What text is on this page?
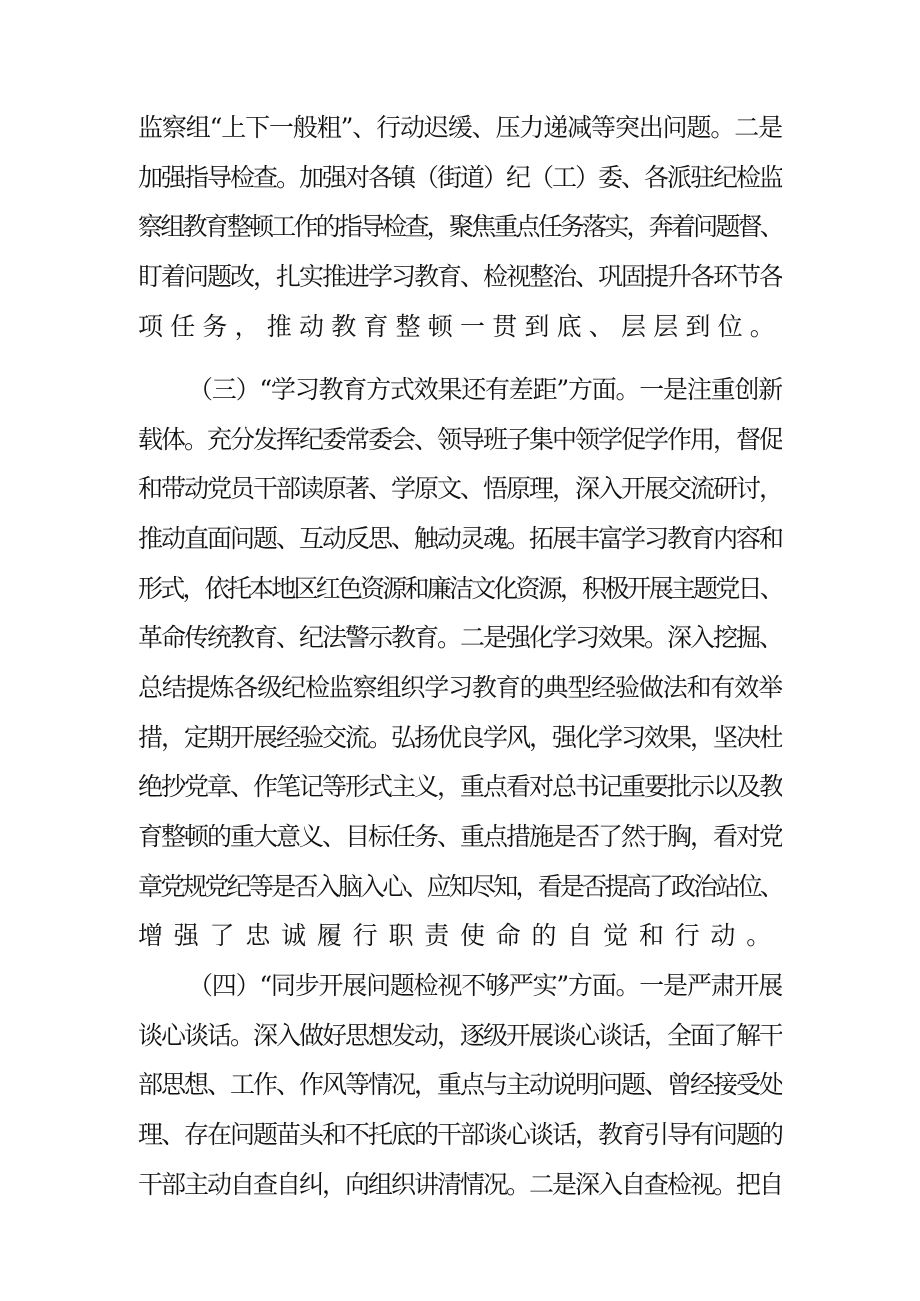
监察组“上下一般粗”、行动迟缓、压力递减等突出问题。二是

加强指导检查。加强对各镇（街道）纪（工）委、各派驻纪检监

察组教育整顿工作的指导检查，聚焦重点任务落实，奔着问题督、

盯着问题改，扎实推进学习教育、检视整治、巩固提升各环节各

项任务，推动教育整顿一贯到底、层层到位。

（三）“学习教育方式效果还有差距”方面。一是注重创新

载体。充分发挥纪委常委会、领导班子集中领学促学作用，督促

和带动党员干部读原著、学原文、悟原理，深入开展交流研讨，

推动直面问题、互动反思、触动灵魂。拓展丰富学习教育内容和

形式，依托本地区红色资源和廉洁文化资源，积极开展主题党日、

革命传统教育、纪法警示教育。二是强化学习效果。深入挖掘、

总结提炼各级纪检监察组织学习教育的典型经验做法和有效举

措，定期开展经验交流。弘扬优良学风，强化学习效果，坚决杜

绝抄党章、作笔记等形式主义，重点看对总书记重要批示以及教

育整顿的重大意义、目标任务、重点措施是否了然于胸，看对党

章党规党纪等是否入脑入心、应知尽知，看是否提高了政治站位、

增强了忠诚履行职责使命的自觉和行动。

（四）“同步开展问题检视不够严实”方面。一是严肃开展

谈心谈话。深入做好思想发动，逐级开展谈心谈话，全面了解干

部思想、工作、作风等情况，重点与主动说明问题、曾经接受处

理、存在问题苗头和不托底的干部谈心谈话，教育引导有问题的

干部主动自查自纠，向组织讲清情况。二是深入自查检视。把自
